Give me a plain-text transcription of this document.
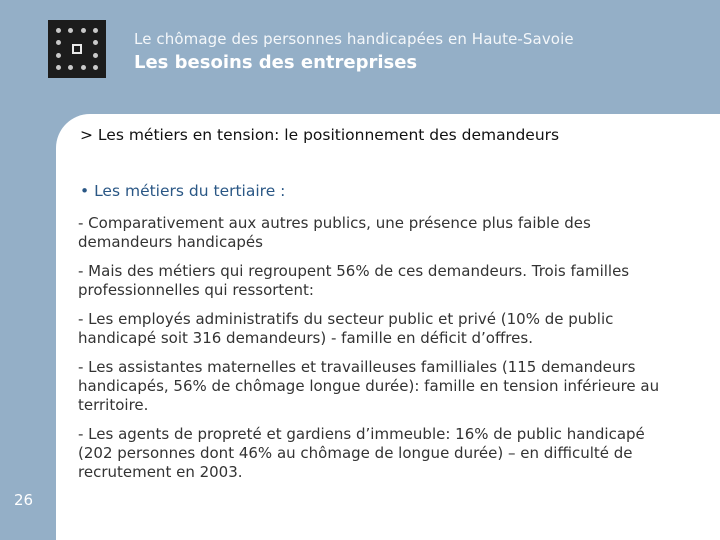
Le chômage des personnes handicapées en Haute-Savoie
Les besoins des entreprises
> Les métiers en tension: le positionnement des demandeurs
• Les métiers du tertiaire :

- Comparativement aux autres publics, une présence plus faible des demandeurs handicapés

- Mais des métiers qui regroupent 56% de ces demandeurs. Trois familles professionnelles qui ressortent:

- Les employés administratifs du secteur public et privé (10% de public handicapé soit 316 demandeurs) - famille en déficit d’offres.

- Les assistantes maternelles et travailleuses familliales (115 demandeurs handicapés, 56% de chômage longue durée): famille en tension inférieure au territoire.

- Les agents de propreté et gardiens d’immeuble: 16% de public handicapé (202 personnes dont 46% au chômage de longue durée) – en difficulté de recrutement en 2003.

26
